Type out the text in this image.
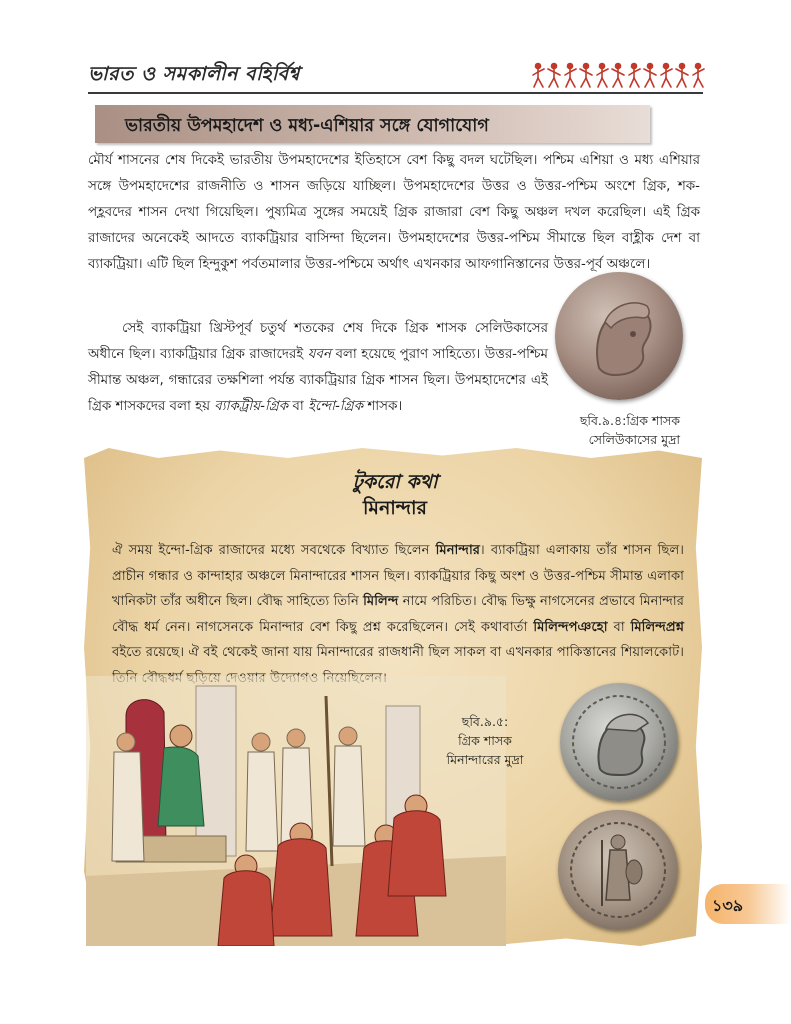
ভারত ও সমকালীন বহির্বিশ্ব
ভারতীয় উপমহাদেশ ও মধ্য-এশিয়ার সঙ্গে যোগাযোগ

মৌর্য শাসনের শেষ দিকেই ভারতীয় উপমহাদেশের ইতিহাসে বেশ কিছু বদল ঘটেছিল। পশ্চিম এশিয়া ও মধ্য এশিয়ার সঙ্গে উপমহাদেশের রাজনীতি ও শাসন জড়িয়ে যাচ্ছিল। উপমহাদেশের উত্তর ও উত্তর-পশ্চিম অংশে গ্রিক, শক-পহ্লবদের শাসন দেখা গিয়েছিল। পুষ্যমিত্র সুঙ্গের সময়েই গ্রিক রাজারা বেশ কিছু অঞ্চল দখল করেছিল। এই গ্রিক রাজাদের অনেকেই আদতে ব্যাকট্রিয়ার বাসিন্দা ছিলেন। উপমহাদেশের উত্তর-পশ্চিম সীমান্তে ছিল বাহ্লীক দেশ বা ব্যাকট্রিয়া। এটি ছিল হিন্দুকুশ পর্বতমালার উত্তর-পশ্চিমে অর্থাৎ এখনকার আফগানিস্তানের উত্তর-পূর্ব অঞ্চলে।

সেই ব্যাকট্রিয়া খ্রিস্টপূর্ব চতুর্থ শতকের শেষ দিকে গ্রিক শাসক সেলিউকাসের অধীনে ছিল। ব্যাকট্রিয়ার গ্রিক রাজাদেরই যবন বলা হয়েছে পুরাণ সাহিত্যে। উত্তর-পশ্চিম সীমান্ত অঞ্চল, গন্ধারের তক্ষশিলা পর্যন্ত ব্যাকট্রিয়ার গ্রিক শাসন ছিল। উপমহাদেশের এই গ্রিক শাসকদের বলা হয় ব্যাকট্রীয়-গ্রিক বা ইন্দো-গ্রিক শাসক।

ছবি.৯.৪:গ্রিক শাসক
সেলিউকাসের মুদ্রা
টুকরো কথা
মিনান্দার

ঐ সময় ইন্দো-গ্রিক রাজাদের মধ্যে সবথেকে বিখ্যাত ছিলেন মিনান্দার। ব্যাকট্রিয়া এলাকায় তাঁর শাসন ছিল। প্রাচীন গন্ধার ও কান্দাহার অঞ্চলে মিনান্দারের শাসন ছিল। ব্যাকট্রিয়ার কিছু অংশ ও উত্তর-পশ্চিম সীমান্ত এলাকা খানিকটা তাঁর অধীনে ছিল। বৌদ্ধ সাহিত্যে তিনি মিলিন্দ নামে পরিচিত। বৌদ্ধ ভিক্ষু নাগসেনের প্রভাবে মিনান্দার বৌদ্ধ ধর্ম নেন। নাগসেনকে মিনান্দার বেশ কিছু প্রশ্ন করেছিলেন। সেই কথাবার্তা মিলিন্দপঞহো বা মিলিন্দপ্রশ্ন বইতে রয়েছে। ঐ বই থেকেই জানা যায় মিনান্দারের রাজধানী ছিল সাকল বা এখনকার পাকিস্তানের শিয়ালকোট।

ছবি.৯.৫:
গ্রিক শাসক
মিনান্দারের মুদ্রা
১৩৯
